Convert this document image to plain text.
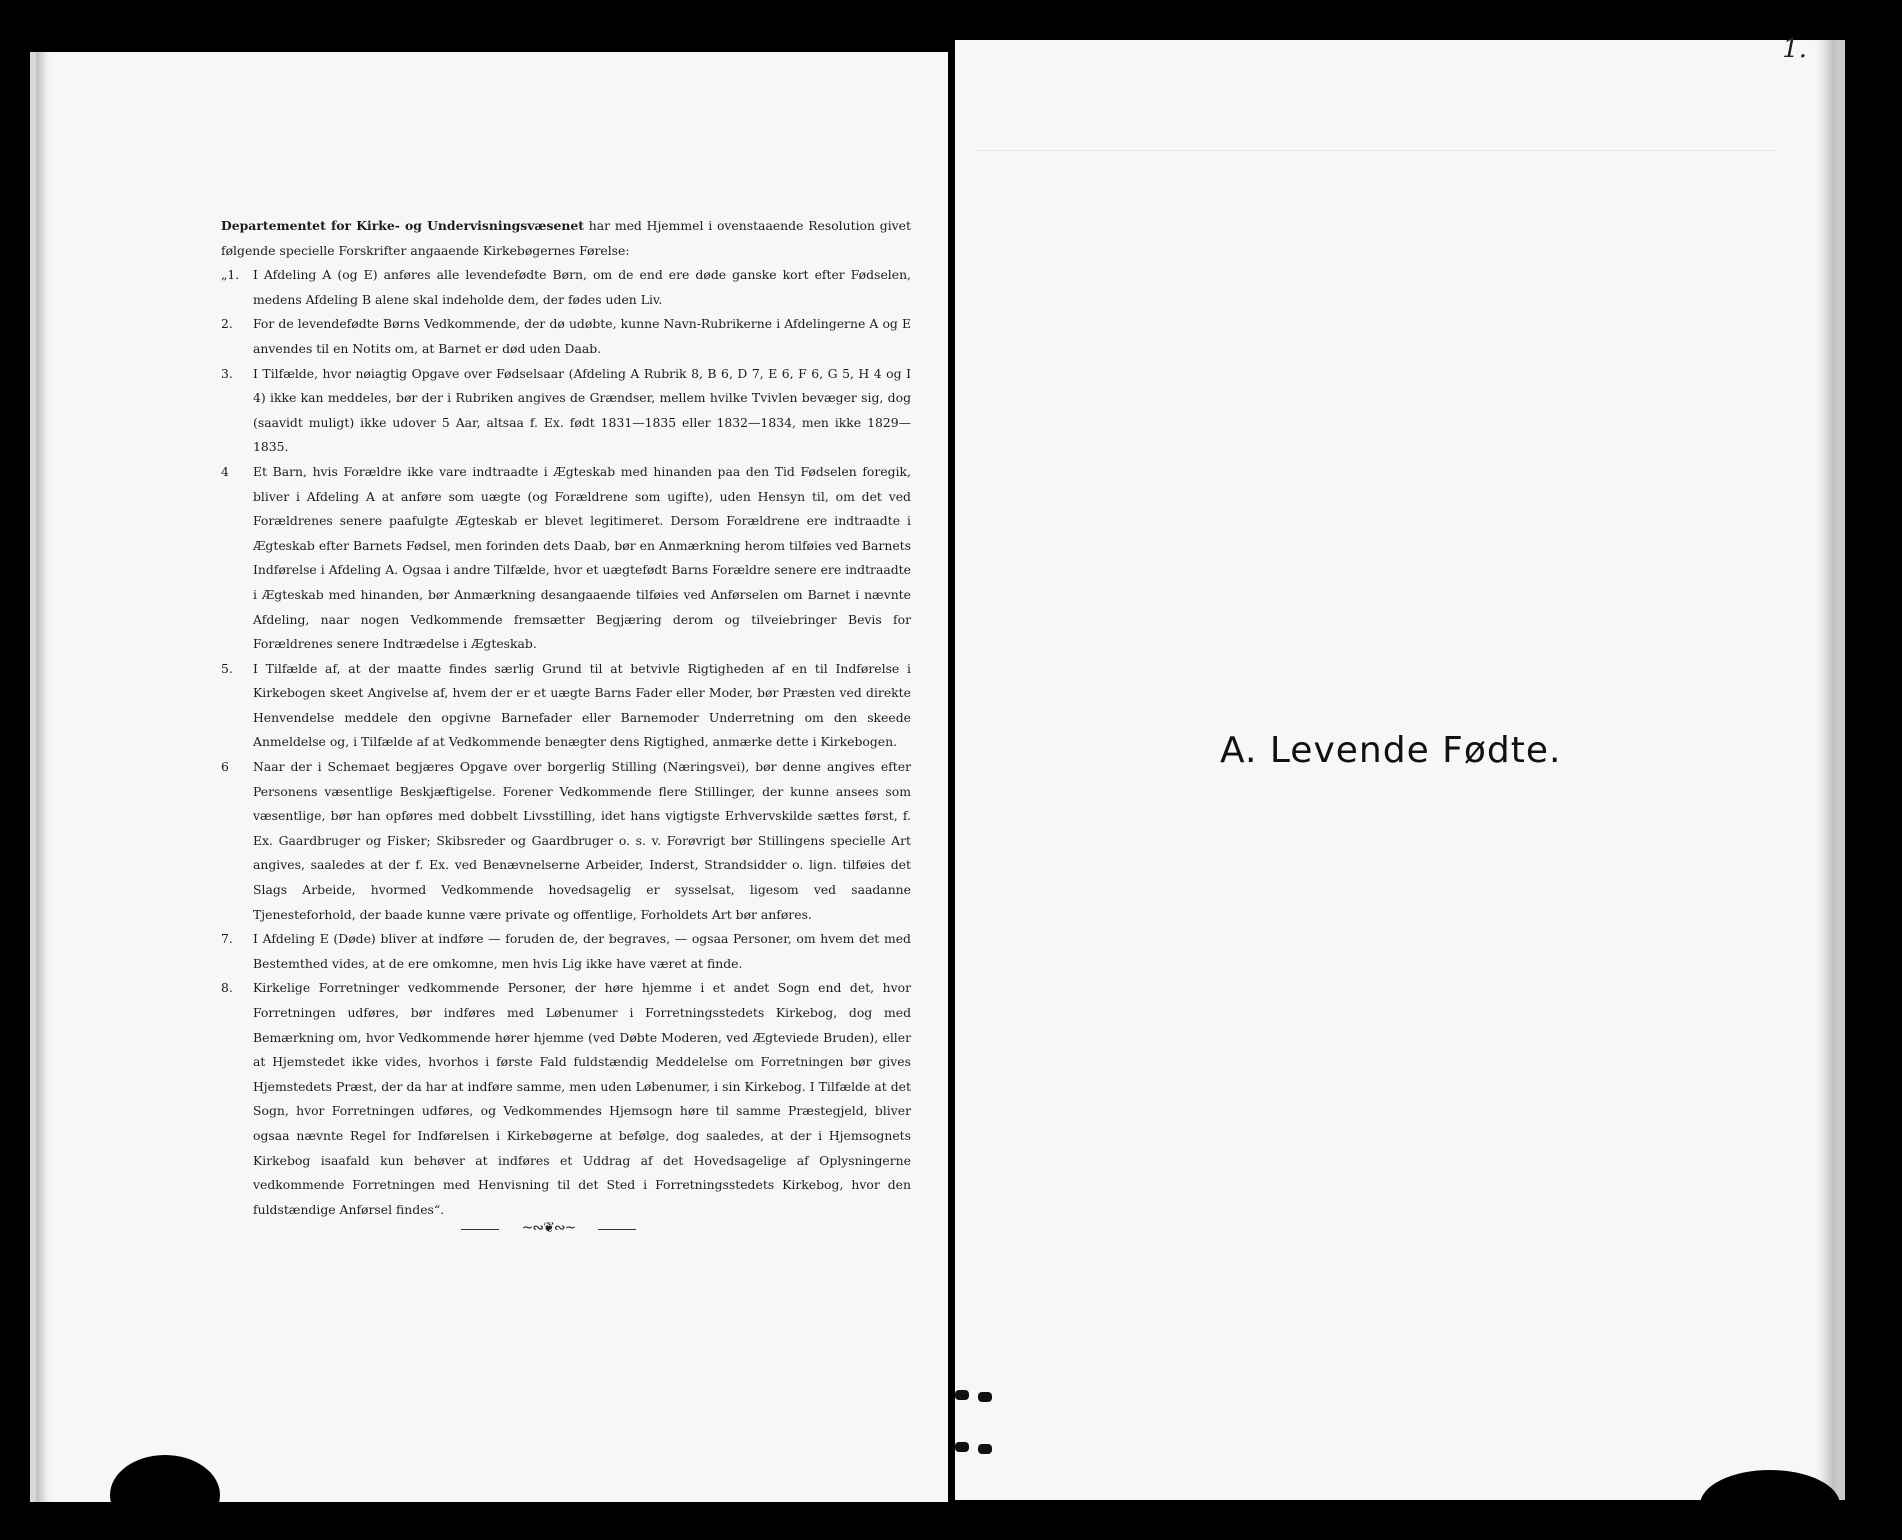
Departementet for Kirke- og Undervisningsvæsenet har med Hjemmel i ovenstaaende Resolution givet følgende specielle Forskrifter angaaende Kirkebøgernes Førelse:

„1.	I Afdeling A (og E) anføres alle levendefødte Børn, om de end ere døde ganske kort efter Fødselen, medens Afdeling B alene skal indeholde dem, der fødes uden Liv.
2.	For de levendefødte Børns Vedkommende, der dø udøbte, kunne Navn-Rubrikerne i Afdelingerne A og E anvendes til en Notits om, at Barnet er død uden Daab.
3.	I Tilfælde, hvor nøiagtig Opgave over Fødselsaar (Afdeling A Rubrik 8, B 6, D 7, E 6, F 6, G 5, H 4 og I 4) ikke kan meddeles, bør der i Rubriken angives de Grændser, mellem hvilke Tvivlen bevæger sig, dog (saavidt muligt) ikke udover 5 Aar, altsaa f. Ex. født 1831—1835 eller 1832—1834, men ikke 1829—1835.
4	Et Barn, hvis Forældre ikke vare indtraadte i Ægteskab med hinanden paa den Tid Fødselen foregik, bliver i Afdeling A at anføre som uægte (og Forældrene som ugifte), uden Hensyn til, om det ved Forældrenes senere paafulgte Ægteskab er blevet legitimeret. Dersom Forældrene ere indtraadte i Ægteskab efter Barnets Fødsel, men forinden dets Daab, bør en Anmærkning herom tilføies ved Barnets Indførelse i Afdeling A. Ogsaa i andre Tilfælde, hvor et uægtefødt Barns Forældre senere ere indtraadte i Ægteskab med hinanden, bør Anmærkning desangaaende tilføies ved Anførselen om Barnet i nævnte Afdeling, naar nogen Vedkommende fremsætter Begjæring derom og tilveiebringer Bevis for Forældrenes senere Indtrædelse i Ægteskab.
5.	I Tilfælde af, at der maatte findes særlig Grund til at betvivle Rigtigheden af en til Indførelse i Kirkebogen skeet Angivelse af, hvem der er et uægte Barns Fader eller Moder, bør Præsten ved direkte Henvendelse meddele den opgivne Barnefader eller Barnemoder Underretning om den skeede Anmeldelse og, i Tilfælde af at Vedkommende benægter dens Rigtighed, anmærke dette i Kirkebogen.
6	Naar der i Schemaet begjæres Opgave over borgerlig Stilling (Næringsvei), bør denne angives efter Personens væsentlige Beskjæftigelse. Forener Vedkommende flere Stillinger, der kunne ansees som væsentlige, bør han opføres med dobbelt Livsstilling, idet hans vigtigste Erhvervskilde sættes først, f. Ex. Gaardbruger og Fisker; Skibsreder og Gaardbruger o. s. v. Forøvrigt bør Stillingens specielle Art angives, saaledes at der f. Ex. ved Benævnelserne Arbeider, Inderst, Strandsidder o. lign. tilføies det Slags Arbeide, hvormed Vedkommende hovedsagelig er sysselsat, ligesom ved saadanne Tjenesteforhold, der baade kunne være private og offentlige, Forholdets Art bør anføres.
7.	I Afdeling E (Døde) bliver at indføre — foruden de, der begraves, — ogsaa Personer, om hvem det med Bestemthed vides, at de ere omkomne, men hvis Lig ikke have været at finde.
8.	Kirkelige Forretninger vedkommende Personer, der høre hjemme i et andet Sogn end det, hvor Forretningen udføres, bør indføres med Løbenumer i Forretningsstedets Kirkebog, dog med Bemærkning om, hvor Vedkommende hører hjemme (ved Døbte Moderen, ved Ægteviede Bruden), eller at Hjemstedet ikke vides, hvorhos i første Fald fuldstændig Meddelelse om Forretningen bør gives Hjemstedets Præst, der da har at indføre samme, men uden Løbenumer, i sin Kirkebog. I Tilfælde at det Sogn, hvor Forretningen udføres, og Vedkommendes Hjemsogn høre til samme Præstegjeld, bliver ogsaa nævnte Regel for Indførelsen i Kirkebøgerne at befølge, dog saaledes, at der i Hjemsognets Kirkebog isaafald kun behøver at indføres et Uddrag af det Hovedsagelige af Oplysningerne vedkommende Forretningen med Henvisning til det Sted i Forretningsstedets Kirkebog, hvor den fuldstændige Anførsel findes“.
~∾❦∾~
1.
A. Levende Fødte.
